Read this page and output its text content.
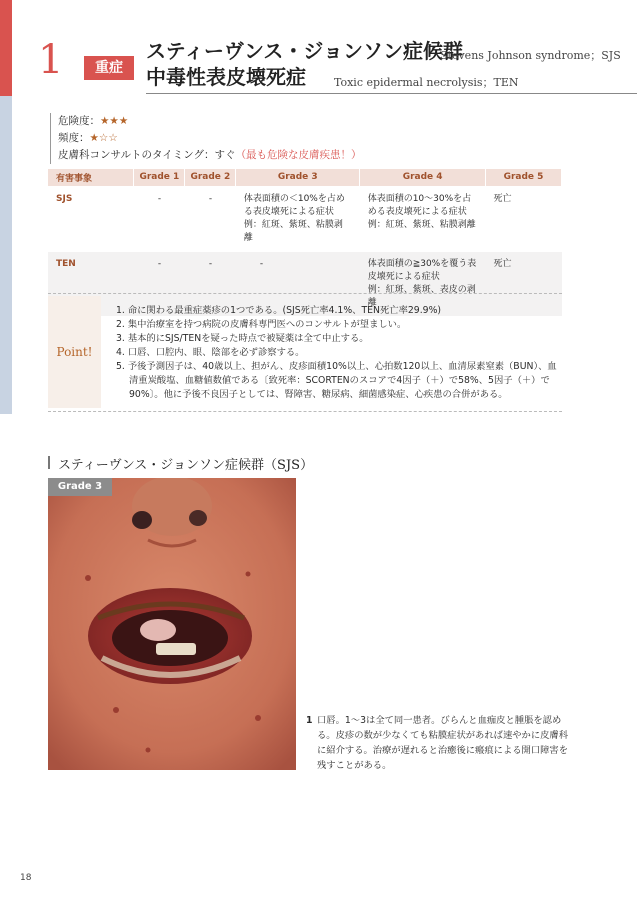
1	重症
スティーヴンス・ジョンソン症候群
Stevens Johnson syndrome；SJS
中毒性表皮壊死症	Toxic epidermal necrolysis；TEN
危険度：★★★
頻度：★☆☆
皮膚科コンサルトのタイミング：すぐ（最も危険な皮膚疾患！）
有害事象	Grade 1	Grade 2	Grade 3	Grade 4	Grade 5
SJS	-	-	体表面積の＜10%を占める表皮壊死による症状
例：紅斑、紫斑、粘膜剥離	体表面積の10～30%を占める表皮壊死による症状
例：紅斑、紫斑、粘膜剥離	死亡
TEN	-	-	-	体表面積の≧30%を覆う表皮壊死による症状
例：紅斑、紫斑、表皮の剥離	死亡
Point!
1. 命に関わる最重症薬疹の1つである。(SJS死亡率4.1%、TEN死亡率29.9%)
2. 集中治療室を持つ病院の皮膚科専門医へのコンサルトが望ましい。
3. 基本的にSJS/TENを疑った時点で被疑薬は全て中止する。
4. 口唇、口腔内、眼、陰部を必ず診察する。
5. 予後予測因子は、40歳以上、担がん、皮疹面積10%以上、心拍数120以上、血清尿素窒素（BUN）、血清重炭酸塩、血糖値数値である〔致死率：SCORTENのスコアで4因子（＋）で58%、5因子（＋）で90%〕。他に予後不良因子としては、腎障害、糖尿病、細菌感染症、心疾患の合併がある。
スティーヴンス・ジョンソン症候群（SJS）
Grade 3
1 口唇。1～3は全て同一患者。びらんと血痂皮と腫脹を認める。皮疹の数が少なくても粘膜症状があれば速やかに皮膚科に紹介する。治療が遅れると治癒後に瘢痕による開口障害を残すことがある。
18
